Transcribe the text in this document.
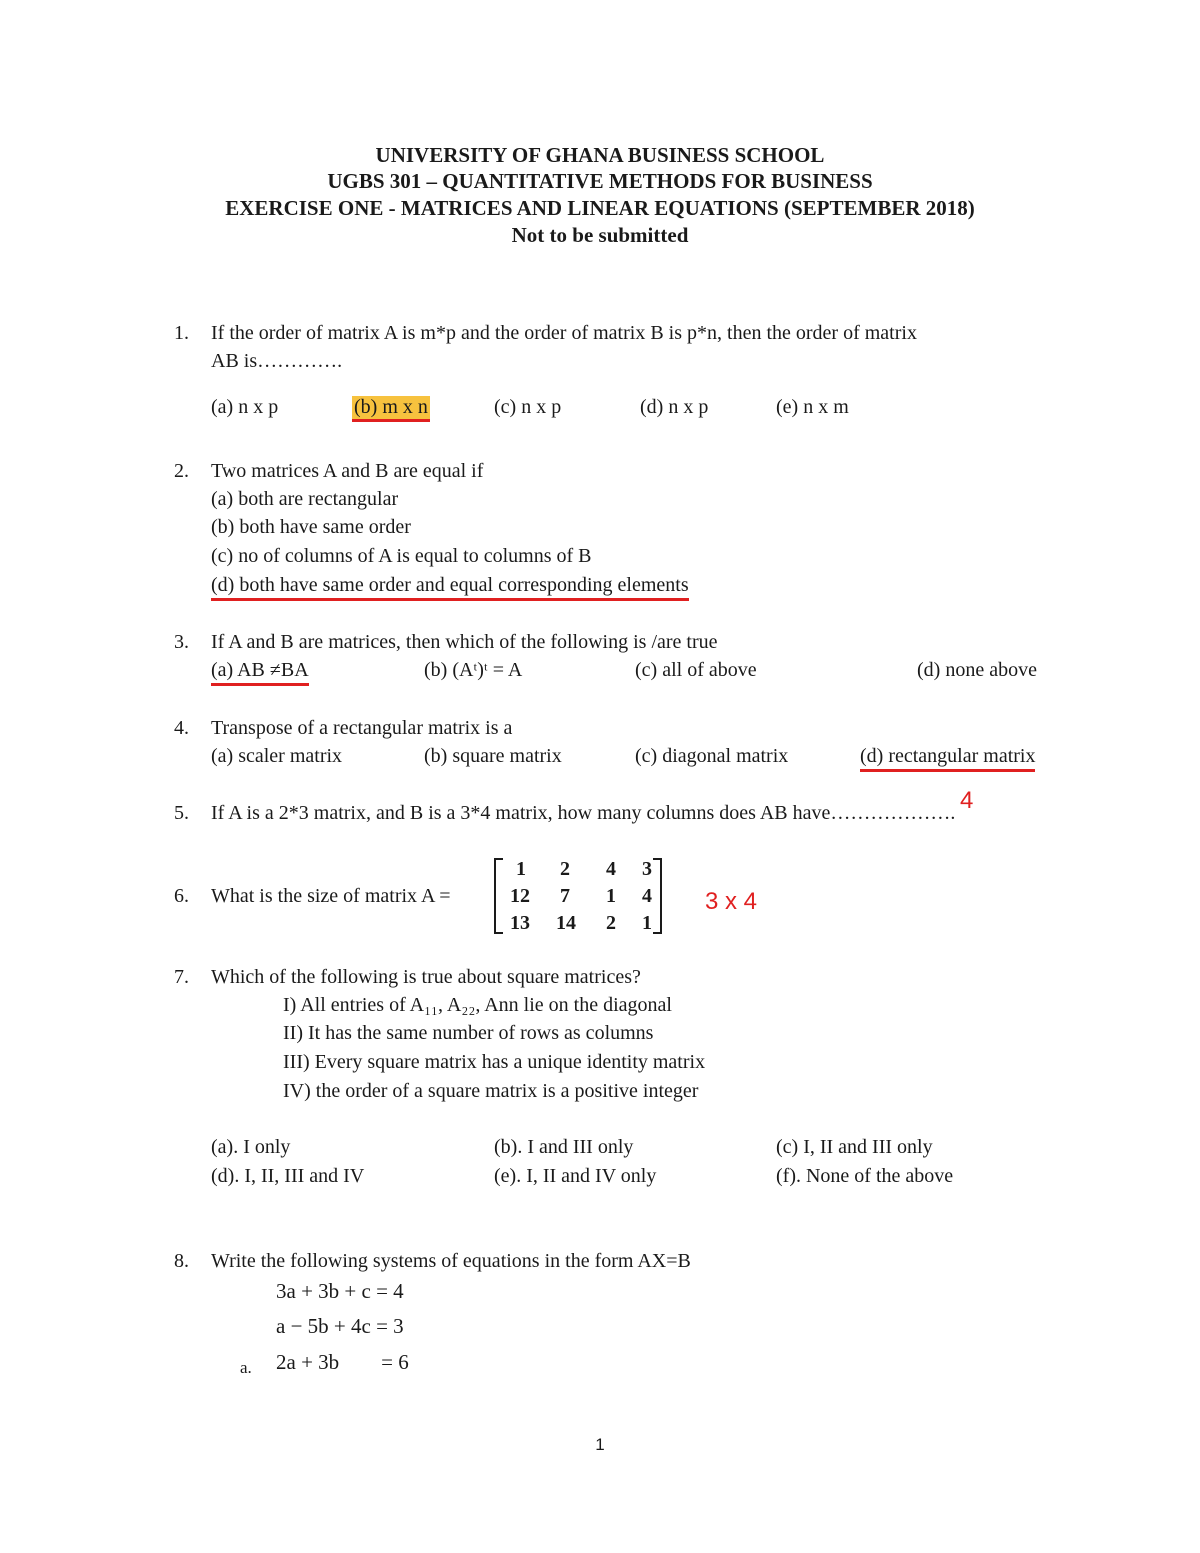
UNIVERSITY OF GHANA BUSINESS SCHOOL
UGBS 301 – QUANTITATIVE METHODS FOR BUSINESS
EXERCISE ONE - MATRICES AND LINEAR EQUATIONS (SEPTEMBER 2018)
Not to be submitted
1. If the order of matrix A is m*p and the order of matrix B is p*n, then the order of matrix
AB is………….
(a) n x p	(b) m x n	(c) n x p	(d) n x p	(e) n x m
2. Two matrices A and B are equal if
(a) both are rectangular
(b) both have same order
(c) no of columns of A is equal to columns of B
(d) both have same order and equal corresponding elements
3. If A and B are matrices, then which of the following is /are true
(a) AB ≠BA	(b) (Aᵗ)ᵗ = A	(c) all of above	(d) none above
4. Transpose of a rectangular matrix is a
(a) scaler matrix	(b) square matrix	(c) diagonal matrix	(d) rectangular matrix
5. If A is a 2*3 matrix, and B is a 3*4 matrix, how many columns does AB have………………. 4
6. What is the size of matrix A =
1	2	4	3
12	7	1	4
13	14	2	1
3 x 4
7. Which of the following is true about square matrices?
I) All entries of A₁₁, A₂₂, Ann lie on the diagonal
II) It has the same number of rows as columns
III) Every square matrix has a unique identity matrix
IV) the order of a square matrix is a positive integer
(a). I only	(b). I and III only	(c) I, II and III only
(d). I, II, III and IV	(e). I, II and IV only	(f). None of the above
8. Write the following systems of equations in the form AX=B
3a + 3b + c = 4
a − 5b + 4c = 3
a. 2a + 3b        = 6
1
